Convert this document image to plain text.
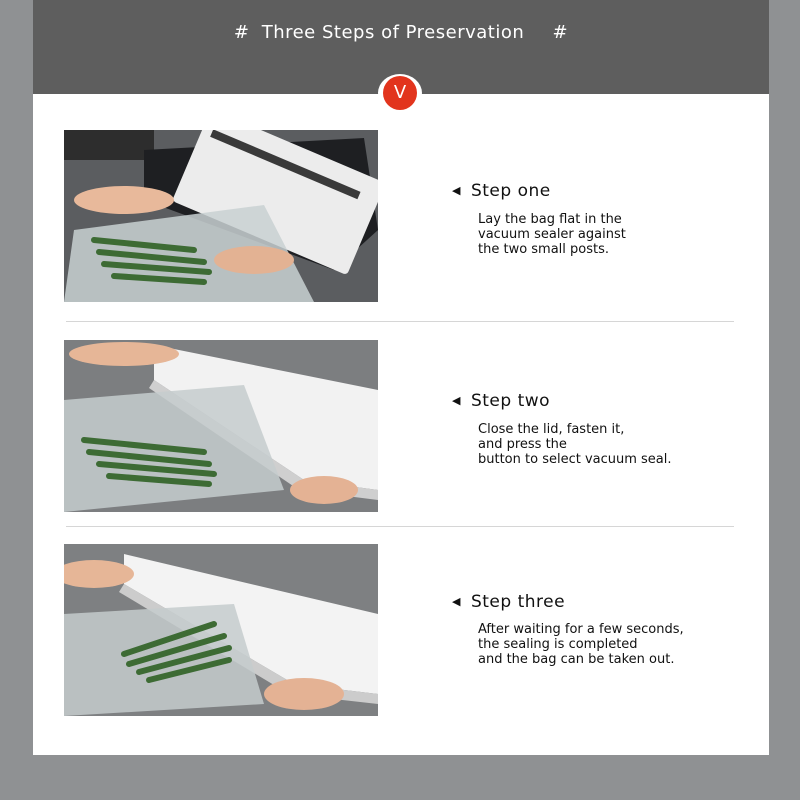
# Three Steps of Preservation #
V
◀ Step one
Lay the bag flat in the
vacuum sealer against
the two small posts.
◀ Step two
Close the lid, fasten it,
and press the
button to select vacuum seal.
◀ Step three
After waiting for a few seconds,
the sealing is completed
and the bag can be taken out.
